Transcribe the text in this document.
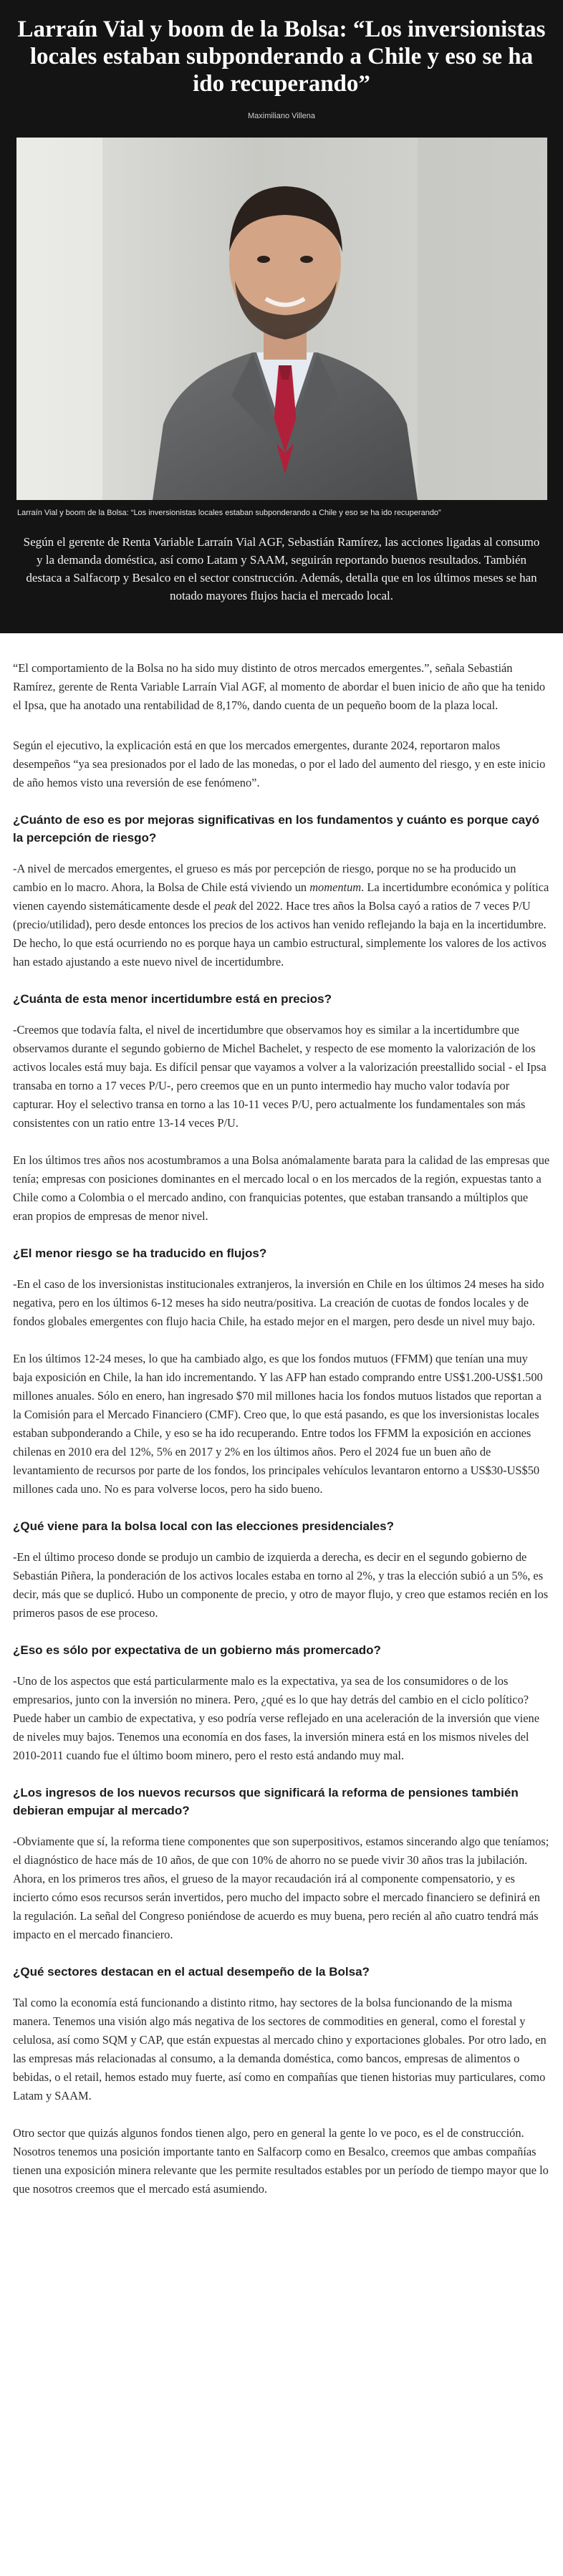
Larraín Vial y boom de la Bolsa: “Los inversionistas locales estaban subponderando a Chile y eso se ha ido recuperando”
Maximiliano Villena
Larraín Vial y boom de la Bolsa: “Los inversionistas locales estaban subponderando a Chile y eso se ha ido recuperando”
Según el gerente de Renta Variable Larraín Vial AGF, Sebastián Ramírez, las acciones ligadas al consumo y la demanda doméstica, así como Latam y SAAM, seguirán reportando buenos resultados. También destaca a Salfacorp y Besalco en el sector construcción. Además, detalla que en los últimos meses se han notado mayores flujos hacia el mercado local.

“El comportamiento de la Bolsa no ha sido muy distinto de otros mercados emergentes.”, señala Sebastián Ramírez, gerente de Renta Variable Larraín Vial AGF, al momento de abordar el buen inicio de año que ha tenido el Ipsa, que ha anotado una rentabilidad de 8,17%, dando cuenta de un pequeño boom de la plaza local.

Según el ejecutivo, la explicación está en que los mercados emergentes, durante 2024, reportaron malos desempeños “ya sea presionados por el lado de las monedas, o por el lado del aumento del riesgo, y en este inicio de año hemos visto una reversión de ese fenómeno”.

¿Cuánto de eso es por mejoras significativas en los fundamentos y cuánto es porque cayó la percepción de riesgo?

-A nivel de mercados emergentes, el grueso es más por percepción de riesgo, porque no se ha producido un cambio en lo macro. Ahora, la Bolsa de Chile está viviendo un momentum. La incertidumbre económica y política vienen cayendo sistemáticamente desde el peak del 2022. Hace tres años la Bolsa cayó a ratios de 7 veces P/U (precio/utilidad), pero desde entonces los precios de los activos han venido reflejando la baja en la incertidumbre. De hecho, lo que está ocurriendo no es porque haya un cambio estructural, simplemente los valores de los activos han estado ajustando a este nuevo nivel de incertidumbre.

¿Cuánta de esta menor incertidumbre está en precios?

-Creemos que todavía falta, el nivel de incertidumbre que observamos hoy es similar a la incertidumbre que observamos durante el segundo gobierno de Michel Bachelet, y respecto de ese momento la valorización de los activos locales está muy baja. Es difícil pensar que vayamos a volver a la valorización preestallido social - el Ipsa transaba en torno a 17 veces P/U-, pero creemos que en un punto intermedio hay mucho valor todavía por capturar. Hoy el selectivo transa en torno a las 10-11 veces P/U, pero actualmente los fundamentales son más consistentes con un ratio entre 13-14 veces P/U.

En los últimos tres años nos acostumbramos a una Bolsa anómalamente barata para la calidad de las empresas que tenía; empresas con posiciones dominantes en el mercado local o en los mercados de la región, expuestas tanto a Chile como a Colombia o el mercado andino, con franquicias potentes, que estaban transando a múltiplos que eran propios de empresas de menor nivel.

¿El menor riesgo se ha traducido en flujos?

-En el caso de los inversionistas institucionales extranjeros, la inversión en Chile en los últimos 24 meses ha sido negativa, pero en los últimos 6-12 meses ha sido neutra/positiva. La creación de cuotas de fondos locales y de fondos globales emergentes con flujo hacia Chile, ha estado mejor en el margen, pero desde un nivel muy bajo.

En los últimos 12-24 meses, lo que ha cambiado algo, es que los fondos mutuos (FFMM) que tenían una muy baja exposición en Chile, la han ido incrementando. Y las AFP han estado comprando entre US$1.200-US$1.500 millones anuales. Sólo en enero, han ingresado $70 mil millones hacia los fondos mutuos listados que reportan a la Comisión para el Mercado Financiero (CMF). Creo que, lo que está pasando, es que los inversionistas locales estaban subponderando a Chile, y eso se ha ido recuperando. Entre todos los FFMM la exposición en acciones chilenas en 2010 era del 12%, 5% en 2017 y 2% en los últimos años. Pero el 2024 fue un buen año de levantamiento de recursos por parte de los fondos, los principales vehículos levantaron entorno a US$30-US$50 millones cada uno. No es para volverse locos, pero ha sido bueno.

¿Qué viene para la bolsa local con las elecciones presidenciales?

-En el último proceso donde se produjo un cambio de izquierda a derecha, es decir en el segundo gobierno de Sebastián Piñera, la ponderación de los activos locales estaba en torno al 2%, y tras la elección subió a un 5%, es decir, más que se duplicó. Hubo un componente de precio, y otro de mayor flujo, y creo que estamos recién en los primeros pasos de ese proceso.

¿Eso es sólo por expectativa de un gobierno más promercado?

-Uno de los aspectos que está particularmente malo es la expectativa, ya sea de los consumidores o de los empresarios, junto con la inversión no minera. Pero, ¿qué es lo que hay detrás del cambio en el ciclo político? Puede haber un cambio de expectativa, y eso podría verse reflejado en una aceleración de la inversión que viene de niveles muy bajos. Tenemos una economía en dos fases, la inversión minera está en los mismos niveles del 2010-2011 cuando fue el último boom minero, pero el resto está andando muy mal.

¿Los ingresos de los nuevos recursos que significará la reforma de pensiones también debieran empujar al mercado?

-Obviamente que sí, la reforma tiene componentes que son superpositivos, estamos sincerando algo que teníamos; el diagnóstico de hace más de 10 años, de que con 10% de ahorro no se puede vivir 30 años tras la jubilación. Ahora, en los primeros tres años, el grueso de la mayor recaudación irá al componente compensatorio, y es incierto cómo esos recursos serán invertidos, pero mucho del impacto sobre el mercado financiero se definirá en la regulación. La señal del Congreso poniéndose de acuerdo es muy buena, pero recién al año cuatro tendrá más impacto en el mercado financiero.

¿Qué sectores destacan en el actual desempeño de la Bolsa?

Tal como la economía está funcionando a distinto ritmo, hay sectores de la bolsa funcionando de la misma manera. Tenemos una visión algo más negativa de los sectores de commodities en general, como el forestal y celulosa, así como SQM y CAP, que están expuestas al mercado chino y exportaciones globales. Por otro lado, en las empresas más relacionadas al consumo, a la demanda doméstica, como bancos, empresas de alimentos o bebidas, o el retail, hemos estado muy fuerte, así como en compañías que tienen historias muy particulares, como Latam y SAAM.

Otro sector que quizás algunos fondos tienen algo, pero en general la gente lo ve poco, es el de construcción. Nosotros tenemos una posición importante tanto en Salfacorp como en Besalco, creemos que ambas compañías tienen una exposición minera relevante que les permite resultados estables por un período de tiempo mayor que lo que nosotros creemos que el mercado está asumiendo.
